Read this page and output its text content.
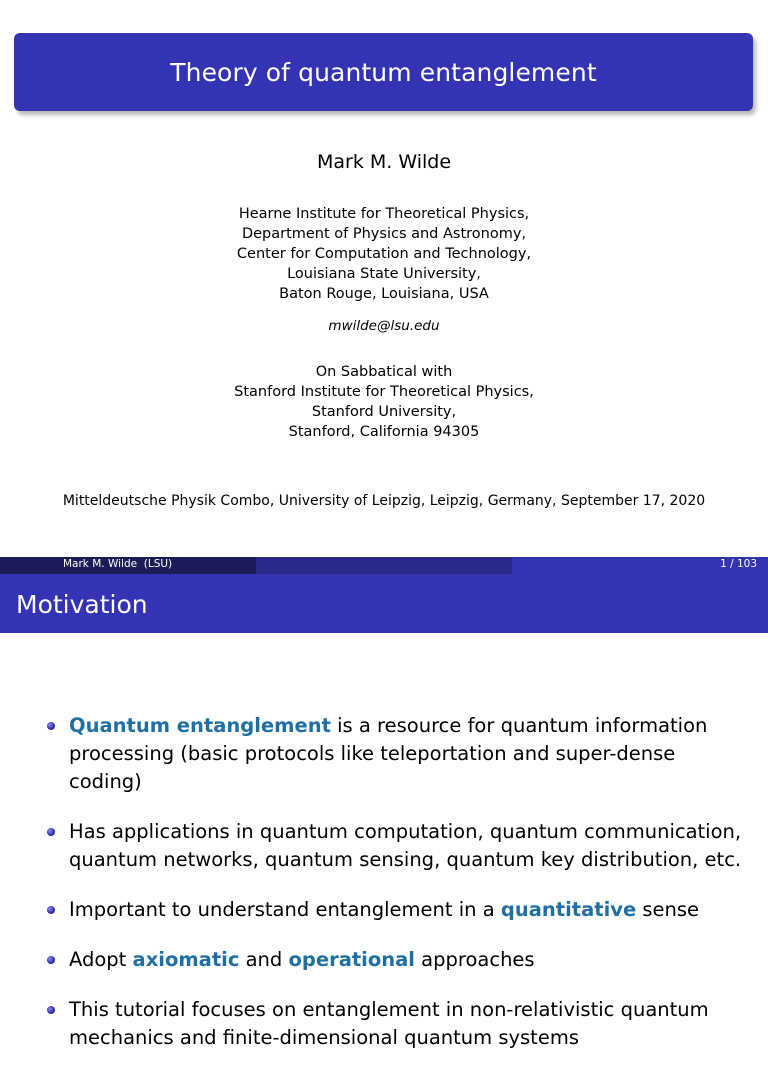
Theory of quantum entanglement
Mark M. Wilde
Hearne Institute for Theoretical Physics,
Department of Physics and Astronomy,
Center for Computation and Technology,
Louisiana State University,
Baton Rouge, Louisiana, USA
mwilde@lsu.edu
On Sabbatical with
Stanford Institute for Theoretical Physics,
Stanford University,
Stanford, California 94305
Mitteldeutsche Physik Combo, University of Leipzig, Leipzig, Germany, September 17, 2020
Mark M. Wilde  (LSU)	1 / 103
Motivation
Quantum entanglement is a resource for quantum information processing (basic protocols like teleportation and super-dense coding)
Has applications in quantum computation, quantum communication, quantum networks, quantum sensing, quantum key distribution, etc.
Important to understand entanglement in a quantitative sense
Adopt axiomatic and operational approaches
This tutorial focuses on entanglement in non-relativistic quantum mechanics and finite-dimensional quantum systems
